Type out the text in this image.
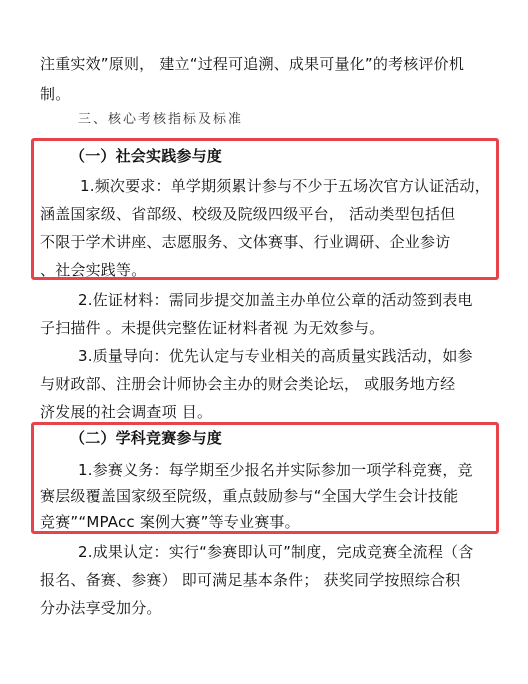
注重实效”原则， 建立“过程可追溯、成果可量化”的考核评价机
制。
三、核心考核指标及标准
（一）社会实践参与度
1.频次要求：单学期须累计参与不少于五场次官方认证活动，
涵盖国家级、省部级、校级及院级四级平台， 活动类型包括但
不限于学术讲座、志愿服务、文体赛事、行业调研、企业参访
、社会实践等。
2.佐证材料：需同步提交加盖主办单位公章的活动签到表电
子扫描件 。未提供完整佐证材料者视 为无效参与。
3.质量导向：优先认定与专业相关的高质量实践活动，如参
与财政部、注册会计师协会主办的财会类论坛， 或服务地方经
济发展的社会调查项 目。
（二）学科竞赛参与度
1.参赛义务：每学期至少报名并实际参加一项学科竞赛，竞
赛层级覆盖国家级至院级，重点鼓励参与“全国大学生会计技能
竞赛”“MPAcc 案例大赛”等专业赛事。
2.成果认定：实行“参赛即认可”制度，完成竞赛全流程（含
报名、备赛、参赛） 即可满足基本条件； 获奖同学按照综合积
分办法享受加分。
